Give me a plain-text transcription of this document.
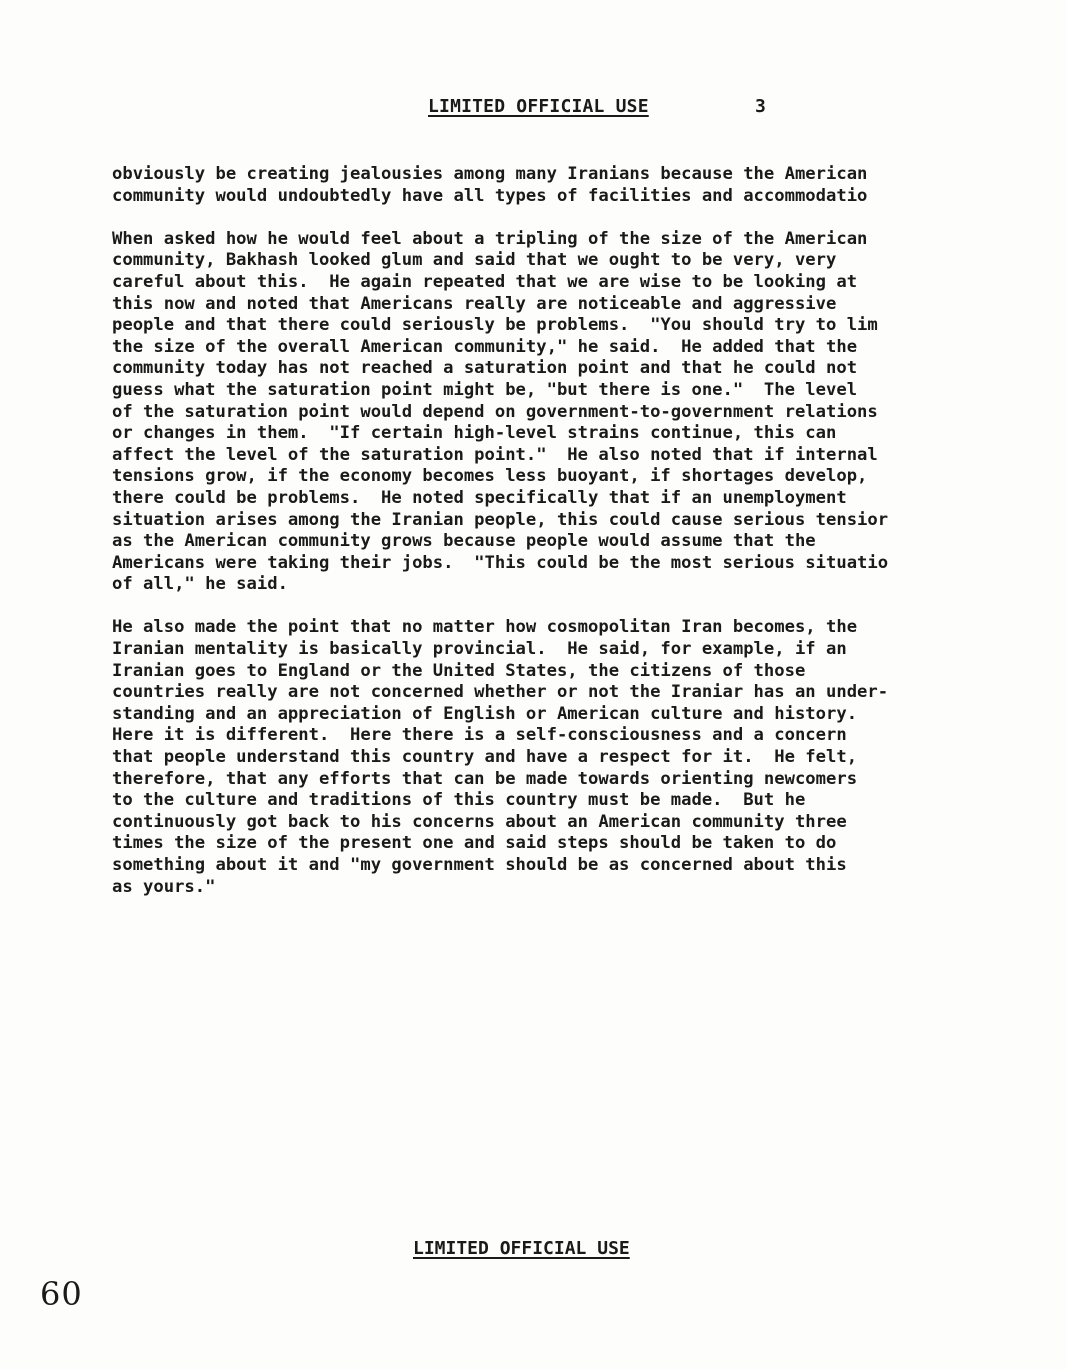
LIMITED OFFICIAL USE	3

obviously be creating jealousies among many Iranians because the American
community would undoubtedly have all types of facilities and accommodatio

When asked how he would feel about a tripling of the size of the American
community, Bakhash looked glum and said that we ought to be very, very
careful about this.  He again repeated that we are wise to be looking at
this now and noted that Americans really are noticeable and aggressive
people and that there could seriously be problems.  "You should try to lim
the size of the overall American community," he said.  He added that the
community today has not reached a saturation point and that he could not
guess what the saturation point might be, "but there is one."  The level
of the saturation point would depend on government-to-government relations
or changes in them.  "If certain high-level strains continue, this can
affect the level of the saturation point."  He also noted that if internal
tensions grow, if the economy becomes less buoyant, if shortages develop,
there could be problems.  He noted specifically that if an unemployment
situation arises among the Iranian people, this could cause serious tensior
as the American community grows because people would assume that the
Americans were taking their jobs.  "This could be the most serious situatio
of all," he said.

He also made the point that no matter how cosmopolitan Iran becomes, the
Iranian mentality is basically provincial.  He said, for example, if an
Iranian goes to England or the United States, the citizens of those
countries really are not concerned whether or not the Iraniar has an under-
standing and an appreciation of English or American culture and history.
Here it is different.  Here there is a self-consciousness and a concern
that people understand this country and have a respect for it.  He felt,
therefore, that any efforts that can be made towards orienting newcomers
to the culture and traditions of this country must be made.  But he
continuously got back to his concerns about an American community three
times the size of the present one and said steps should be taken to do
something about it and "my government should be as concerned about this
as yours."

LIMITED OFFICIAL USE
60
